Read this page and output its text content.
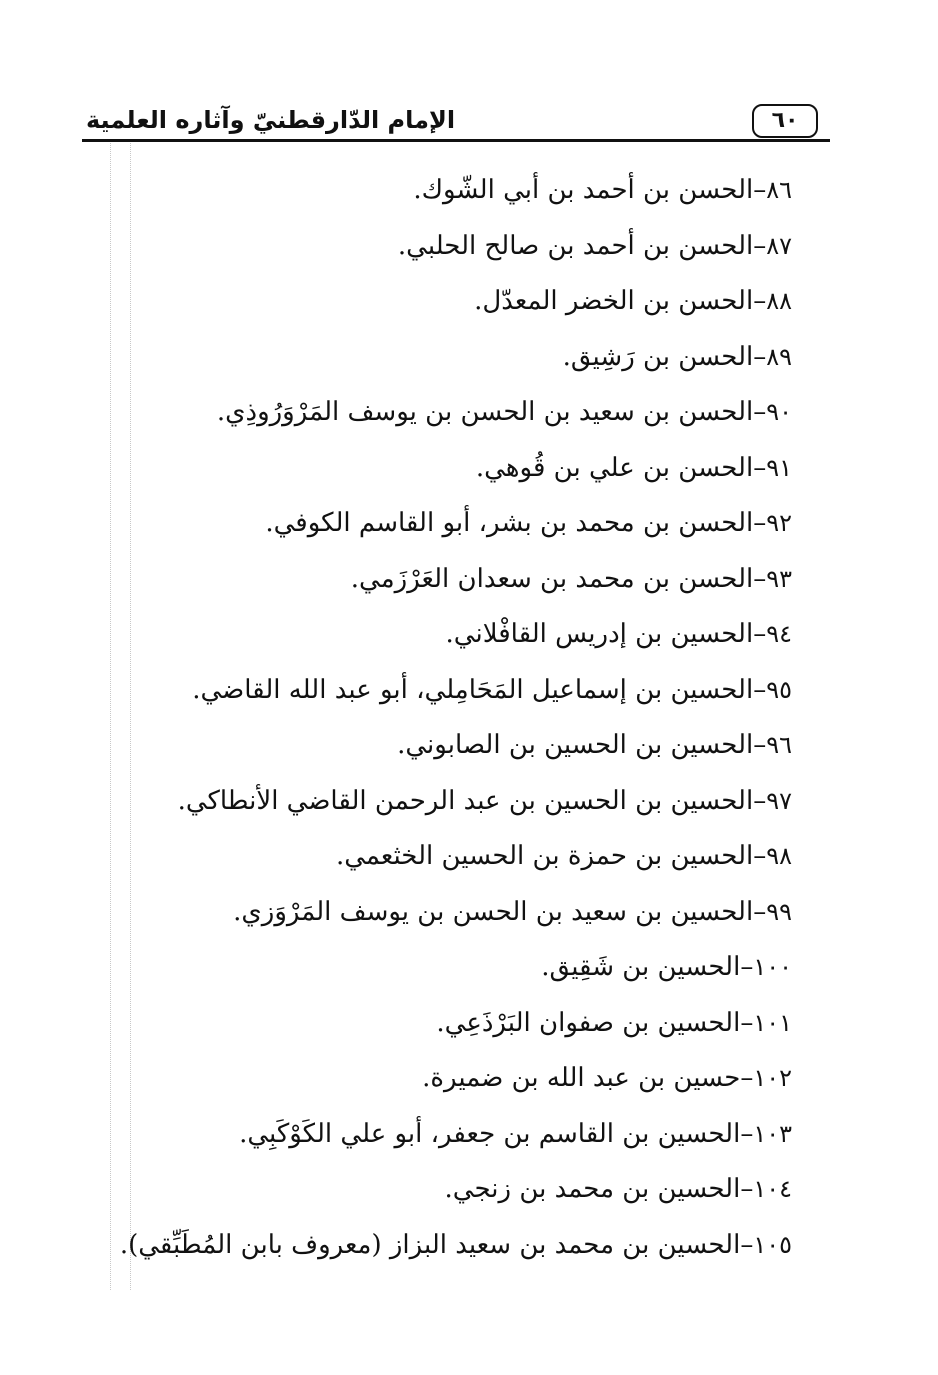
٦٠
الإمام الدّارقطنيّ وآثاره العلمية
٨٦–الحسن بن أحمد بن أبي الشّوك.
٨٧–الحسن بن أحمد بن صالح الحلبي.
٨٨–الحسن بن الخضر المعدّل.
٨٩–الحسن بن رَشِيق.
٩٠–الحسن بن سعيد بن الحسن بن يوسف المَرْوَرُوذِي.
٩١–الحسن بن علي بن قُوهي.
٩٢–الحسن بن محمد بن بشر، أبو القاسم الكوفي.
٩٣–الحسن بن محمد بن سعدان العَرْزَمي.
٩٤–الحسين بن إدريس القافْلاني.
٩٥–الحسين بن إسماعيل المَحَامِلي، أبو عبد الله القاضي.
٩٦–الحسين بن الحسين بن الصابوني.
٩٧–الحسين بن الحسين بن عبد الرحمن القاضي الأنطاكي.
٩٨–الحسين بن حمزة بن الحسين الخثعمي.
٩٩–الحسين بن سعيد بن الحسن بن يوسف المَرْوَزي.
١٠٠–الحسين بن شَقِيق.
١٠١–الحسين بن صفوان البَرْذَعِي.
١٠٢–حسين بن عبد الله بن ضميرة.
١٠٣–الحسين بن القاسم بن جعفر، أبو علي الكَوْكَبِي.
١٠٤–الحسين بن محمد بن زنجي.
١٠٥–الحسين بن محمد بن سعيد البزاز (معروف بابن المُطَبِّقي).
